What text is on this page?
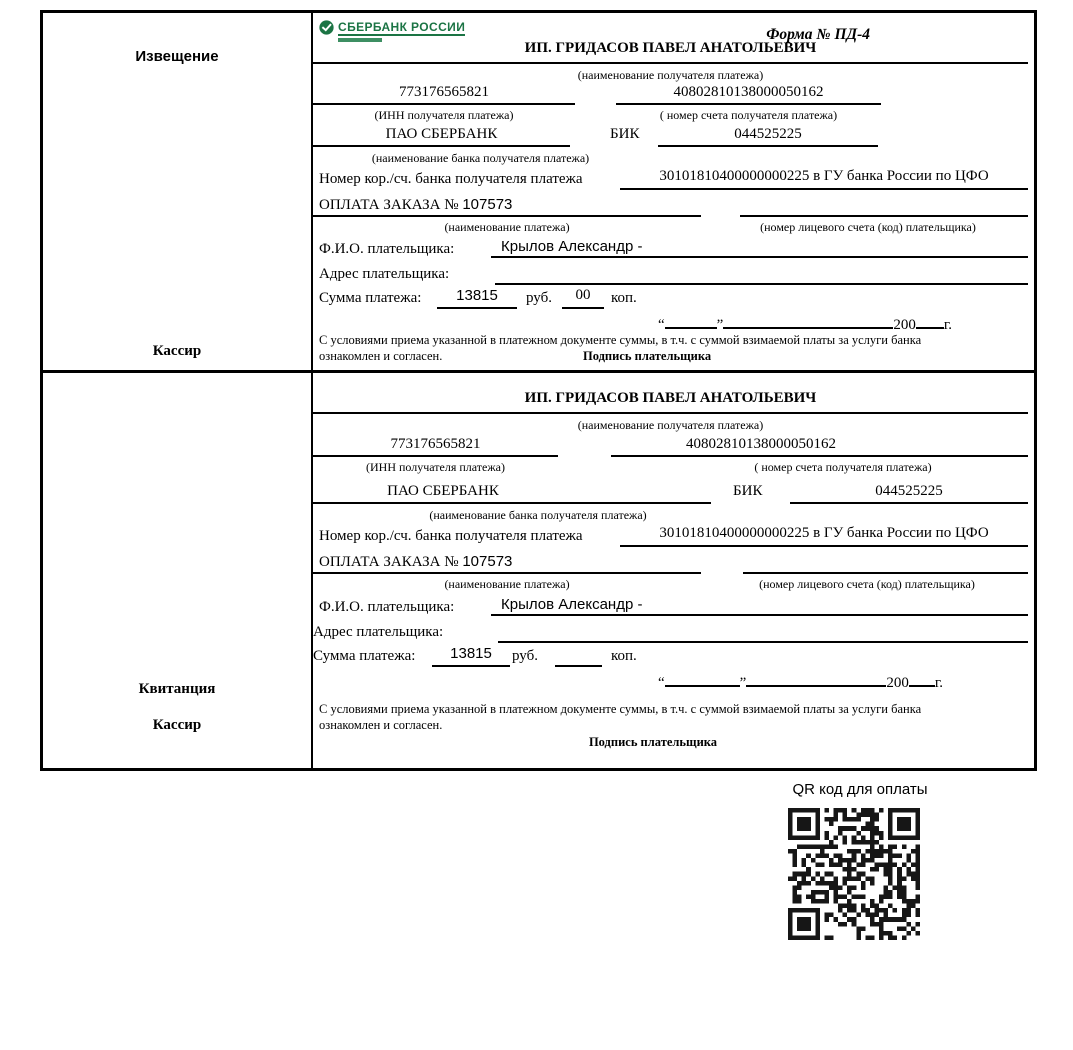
Извещение
Кассир
Квитанция
Кассир
СБЕРБАНК РОССИИ	Форма № ПД-4
ИП. ГРИДАСОВ ПАВЕЛ АНАТОЛЬЕВИЧ
(наименование получателя платежа)
773176565821	40802810138000050162
(ИНН получателя платежа)	( номер счета получателя платежа)
ПАО СБЕРБАНК	БИК	044525225
(наименование банка получателя платежа)
Номер кор./сч. банка получателя платежа	30101810400000000225 в ГУ банка России по ЦФО
ОПЛАТА ЗАКАЗА № 107573
(наименование платежа)	(номер лицевого счета (код) плательщика)
Ф.И.О. плательщика:	Крылов Александр -
Адрес плательщика:
Сумма платежа:	13815	руб.	00	коп.
“	”	200 г.
С условиями приема указанной в платежном документе суммы, в т.ч. с суммой взимаемой платы за услуги банка
ознакомлен и согласен.	Подпись плательщика
ИП. ГРИДАСОВ ПАВЕЛ АНАТОЛЬЕВИЧ
(наименование получателя платежа)
773176565821	40802810138000050162
(ИНН получателя платежа)	( номер счета получателя платежа)
ПАО СБЕРБАНК	БИК	044525225
(наименование банка получателя платежа)
Номер кор./сч. банка получателя платежа	30101810400000000225 в ГУ банка России по ЦФО
ОПЛАТА ЗАКАЗА № 107573
(наименование платежа)	(номер лицевого счета (код) плательщика)
Ф.И.О. плательщика:	Крылов Александр -
Адрес плательщика:
Сумма платежа:	13815	руб.	коп.
“	”	200 г.
С условиями приема указанной в платежном документе суммы, в т.ч. с суммой взимаемой платы за услуги банка
ознакомлен и согласен.
Подпись плательщика
QR код для оплаты
